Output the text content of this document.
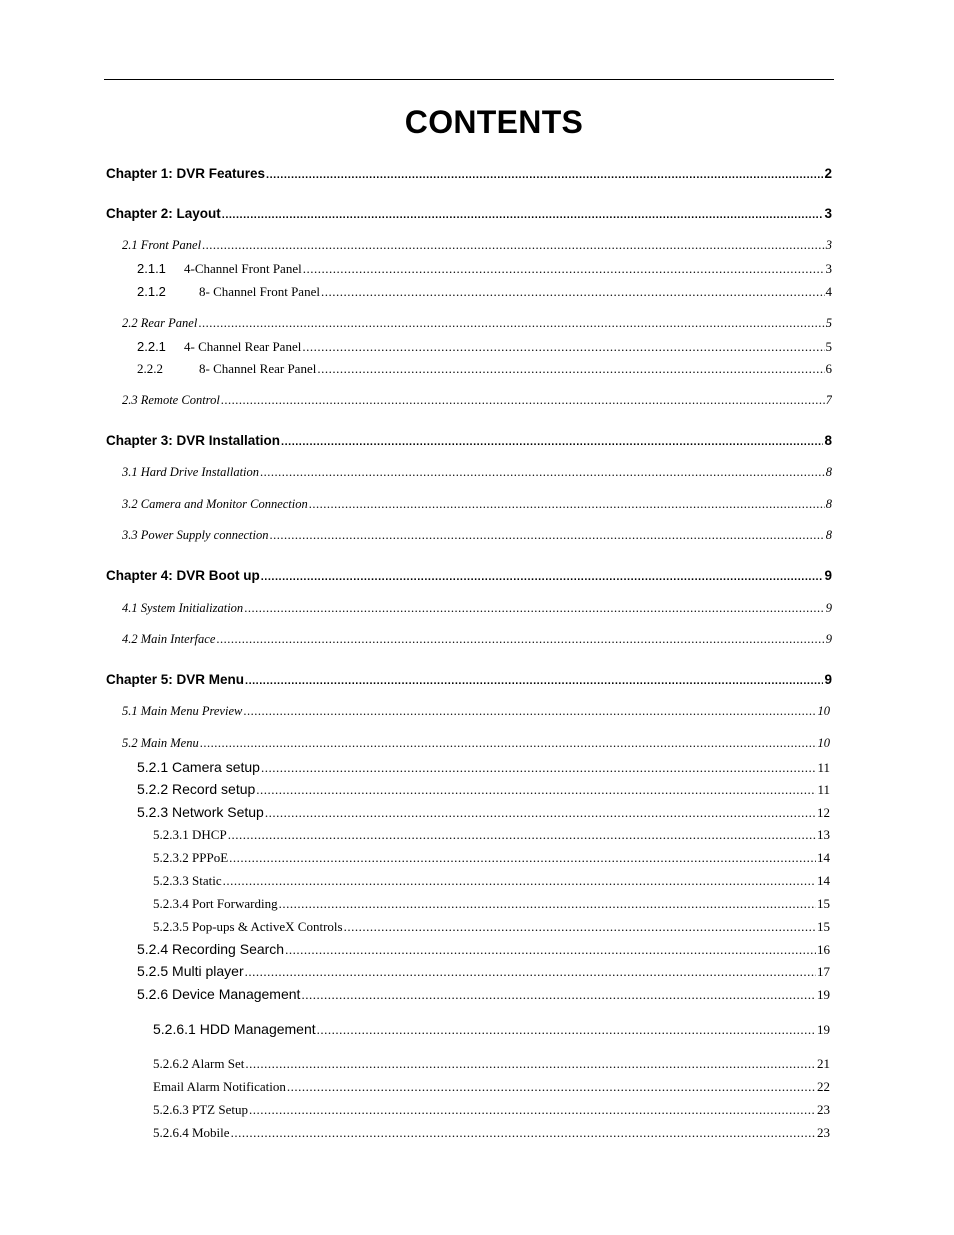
CONTENTS
Chapter 1: DVR Features .....	2
Chapter 2: Layout .....	3
2.1 Front Panel .....	3
2.1.1	4-Channel Front Panel .....	3
2.1.2	8- Channel Front Panel .....	4
2.2 Rear Panel .....	5
2.2.1	4- Channel Rear Panel .....	5
2.2.2	8- Channel Rear Panel .....	6
2.3 Remote Control .....	7
Chapter 3: DVR Installation .....	8
3.1 Hard Drive Installation .....	8
3.2 Camera and Monitor Connection .....	8
3.3 Power Supply connection .....	8
Chapter 4: DVR Boot up .....	9
4.1 System Initialization .....	9
4.2 Main Interface .....	9
Chapter 5: DVR Menu .....	9
5.1 Main Menu Preview .....	10
5.2 Main Menu .....	10
5.2.1 Camera setup .....	11
5.2.2 Record setup .....	11
5.2.3 Network Setup .....	12
5.2.3.1 DHCP .....	13
5.2.3.2 PPPoE .....	14
5.2.3.3 Static .....	14
5.2.3.4 Port Forwarding .....	15
5.2.3.5 Pop-ups & ActiveX Controls .....	15
5.2.4 Recording Search .....	16
5.2.5 Multi player .....	17
5.2.6 Device Management .....	19
5.2.6.1 HDD Management .....	19
5.2.6.2 Alarm Set .....	21
Email Alarm Notification .....	22
5.2.6.3 PTZ Setup .....	23
5.2.6.4 Mobile .....	23
